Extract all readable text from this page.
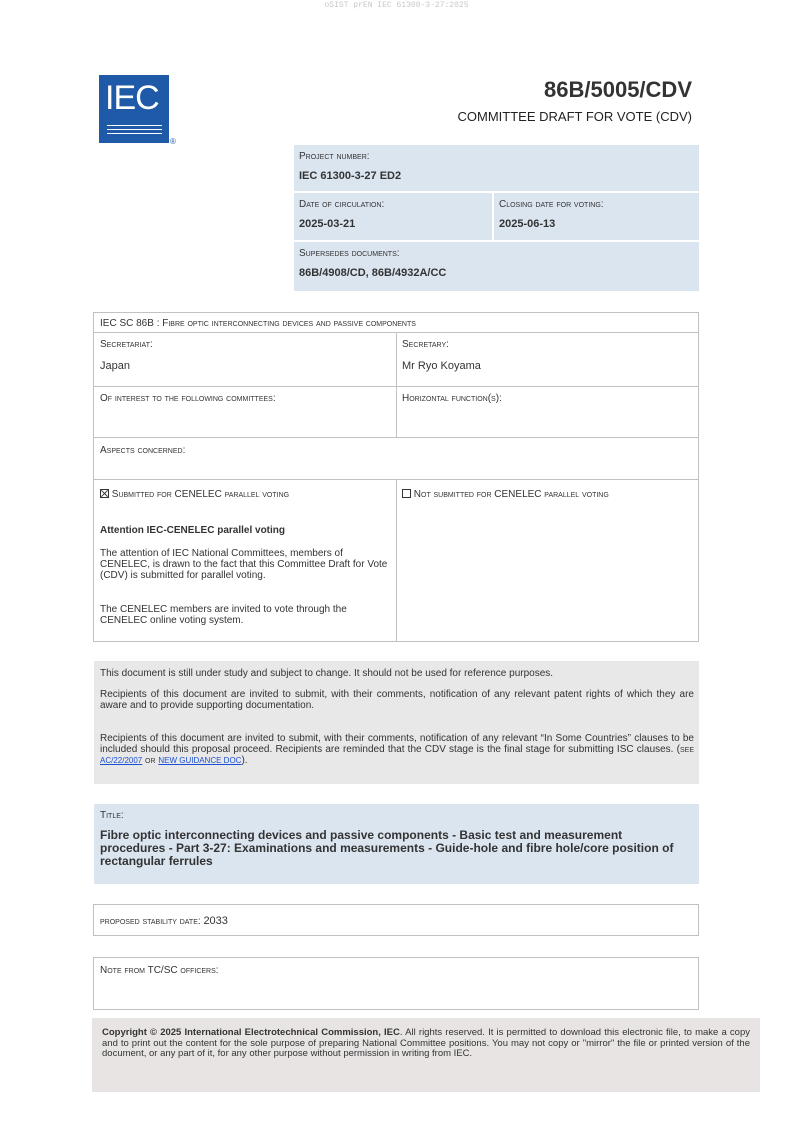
oSIST prEN IEC 61300-3-27:2025
IEC
®
86B/5005/CDV
COMMITTEE DRAFT FOR VOTE (CDV)
Project number:
IEC 61300-3-27 ED2
Date of circulation:
2025-03-21
Closing date for voting:
2025-06-13
Supersedes documents:
86B/4908/CD, 86B/4932A/CC
IEC SC 86B : Fibre optic interconnecting devices and passive components
Secretariat:
Japan
Secretary:
Mr Ryo Koyama
Of interest to the following committees:	Horizontal function(s):
Aspects concerned:
Submitted for CENELEC parallel voting	Not submitted for CENELEC parallel voting
Attention IEC-CENELEC parallel voting
The attention of IEC National Committees, members of CENELEC, is drawn to the fact that this Committee Draft for Vote (CDV) is submitted for parallel voting.
The CENELEC members are invited to vote through the CENELEC online voting system.
This document is still under study and subject to change. It should not be used for reference purposes.
Recipients of this document are invited to submit, with their comments, notification of any relevant patent rights of which they are aware and to provide supporting documentation.
Recipients of this document are invited to submit, with their comments, notification of any relevant “In Some Countries” clauses to be included should this proposal proceed. Recipients are reminded that the CDV stage is the final stage for submitting ISC clauses. (see AC/22/2007 or NEW GUIDANCE DOC).
Title:
Fibre optic interconnecting devices and passive components - Basic test and measurement procedures - Part 3-27: Examinations and measurements - Guide-hole and fibre hole/core position of rectangular ferrules
proposed stability date: 2033
Note from TC/SC officers:
Copyright © 2025 International Electrotechnical Commission, IEC. All rights reserved. It is permitted to download this electronic file, to make a copy and to print out the content for the sole purpose of preparing National Committee positions. You may not copy or "mirror" the file or printed version of the document, or any part of it, for any other purpose without permission in writing from IEC.
